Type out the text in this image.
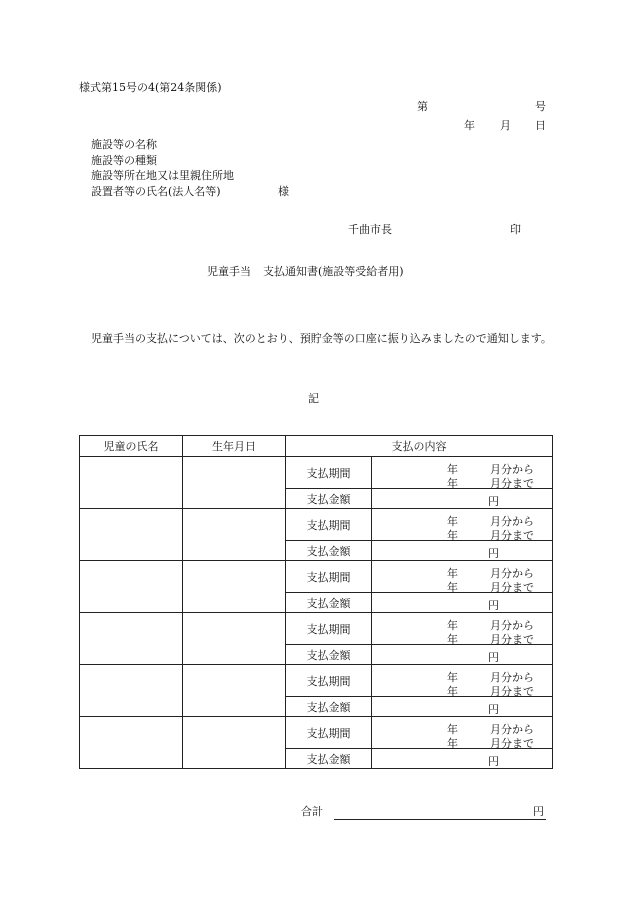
様式第15号の4(第24条関係)
第	号
年 月 日
施設等の名称
施設等の種類
施設等所在地又は里親住所地
設置者等の氏名(法人名等)	様
千曲市長	印
児童手当 支払通知書(施設等受給者用)
児童手当の支払については、次のとおり、預貯金等の口座に振り込みましたので通知します。
記
児童の氏名	生年月日	支払の内容	
		支払期間	年 月分から
年 月分まで

		支払金額	円

		支払期間	年 月分から
年 月分まで

		支払金額	円

		支払期間	年 月分から
年 月分まで

		支払金額	円

		支払期間	年 月分から
年 月分まで

		支払金額	円

		支払期間	年 月分から
年 月分まで

		支払金額	円

		支払期間	年 月分から
年 月分まで

		支払金額	円
合計	円
